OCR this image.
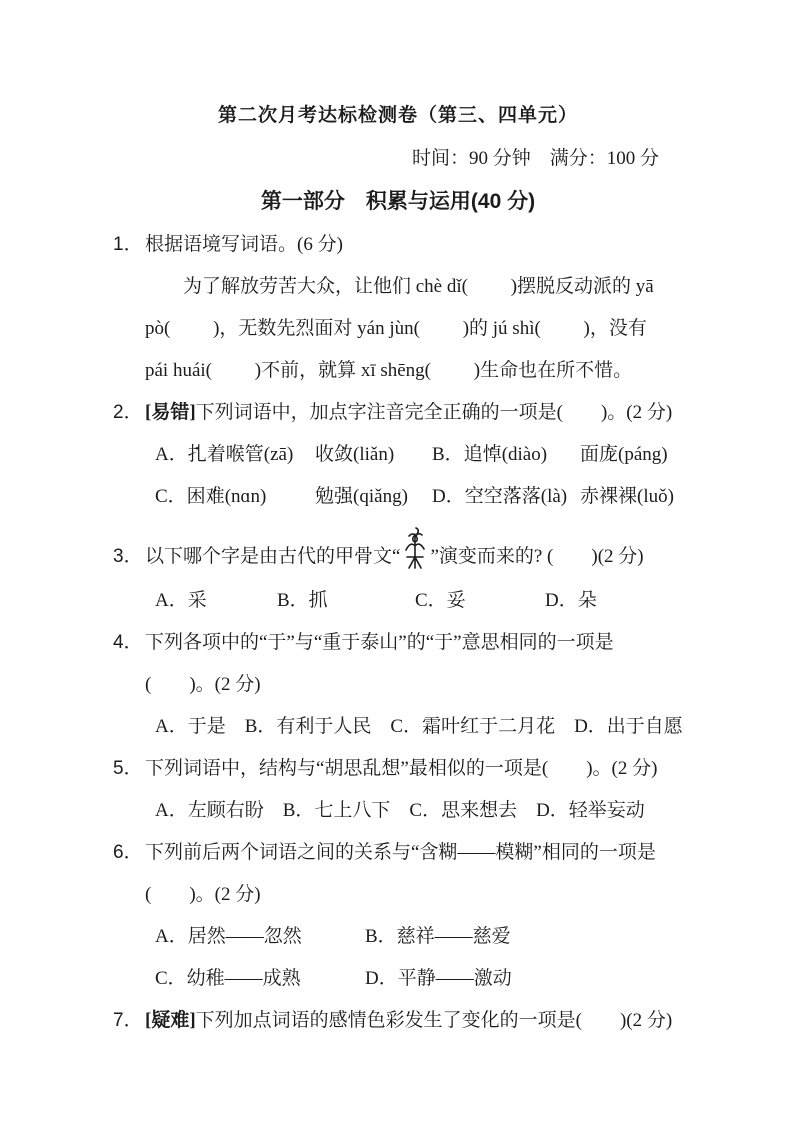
第二次月考达标检测卷（第三、四单元）
时间：90 分钟　满分：100 分
第一部分　积累与运用(40 分)
1． 根据语境写词语。(6 分)
为了解放劳苦大众，让他们 chè dǐ(　　 )摆脱反动派的 yā
pò(　　 )，无数先烈面对 yán jùn(　　 )的 jú shì(　　 )，没有
pái huái(　　 )不前，就算 xī shēng(　　 )生命也在所不惜。
2． [易错]下列词语中，加点字注音完全正确的一项是(　　)。(2 分)
A．扎 •着喉管(zā)	收敛 •(liǎn)	B．追悼 •(diào)	面庞 •(páng)
C．困难 •(nɑn)	勉强 •(qiǎng)	D．空空落 •落(là) 赤裸 •裸(luǒ)
3． 以下哪个字是由古代的甲骨文“ ”演变而来的? (　　)(2 分)
A．采	B．抓	C．妥	D．朵
4． 下列各项中的“于”与“重于泰山”的“于”意思相同的一项是
(　　)。(2 分)
A．于是　B．有利于人民　C．霜叶红于二月花　D．出于自愿
5． 下列词语中，结构与“胡思乱想”最相似的一项是(　　)。(2 分)
A．左顾右盼　B．七上八下　C．思来想去　D．轻举妄动
6． 下列前后两个词语之间的关系与“含糊——模糊”相同的一项是
(　　)。(2 分)
A．居然——忽然	B．慈祥——慈爱
C．幼稚——成熟	D．平静——激动
7． [疑难]下列加点词语的感情色彩发生了变化的一项是(　　)(2 分)
